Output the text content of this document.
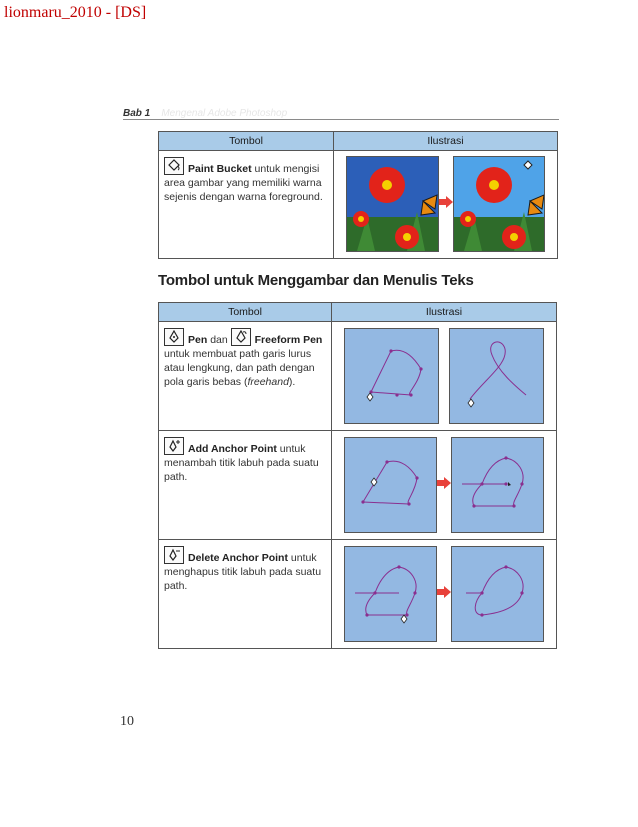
lionmaru_2010 - [DS]
Bab 1 Mengenal Adobe Photoshop
Tombol	Ilustrasi

Paint Bucket untuk mengisi area gambar yang memiliki warna sejenis dengan warna foreground.

Tombol untuk Menggambar dan Menulis Teks
Tombol	Ilustrasi

Pen dan Freeform Pen untuk membuat path garis lurus atau lengkung, dan path dengan pola garis bebas (freehand).

Add Anchor Point untuk menambah titik labuh pada suatu path.

Delete Anchor Point untuk menghapus titik labuh pada suatu path.

10
